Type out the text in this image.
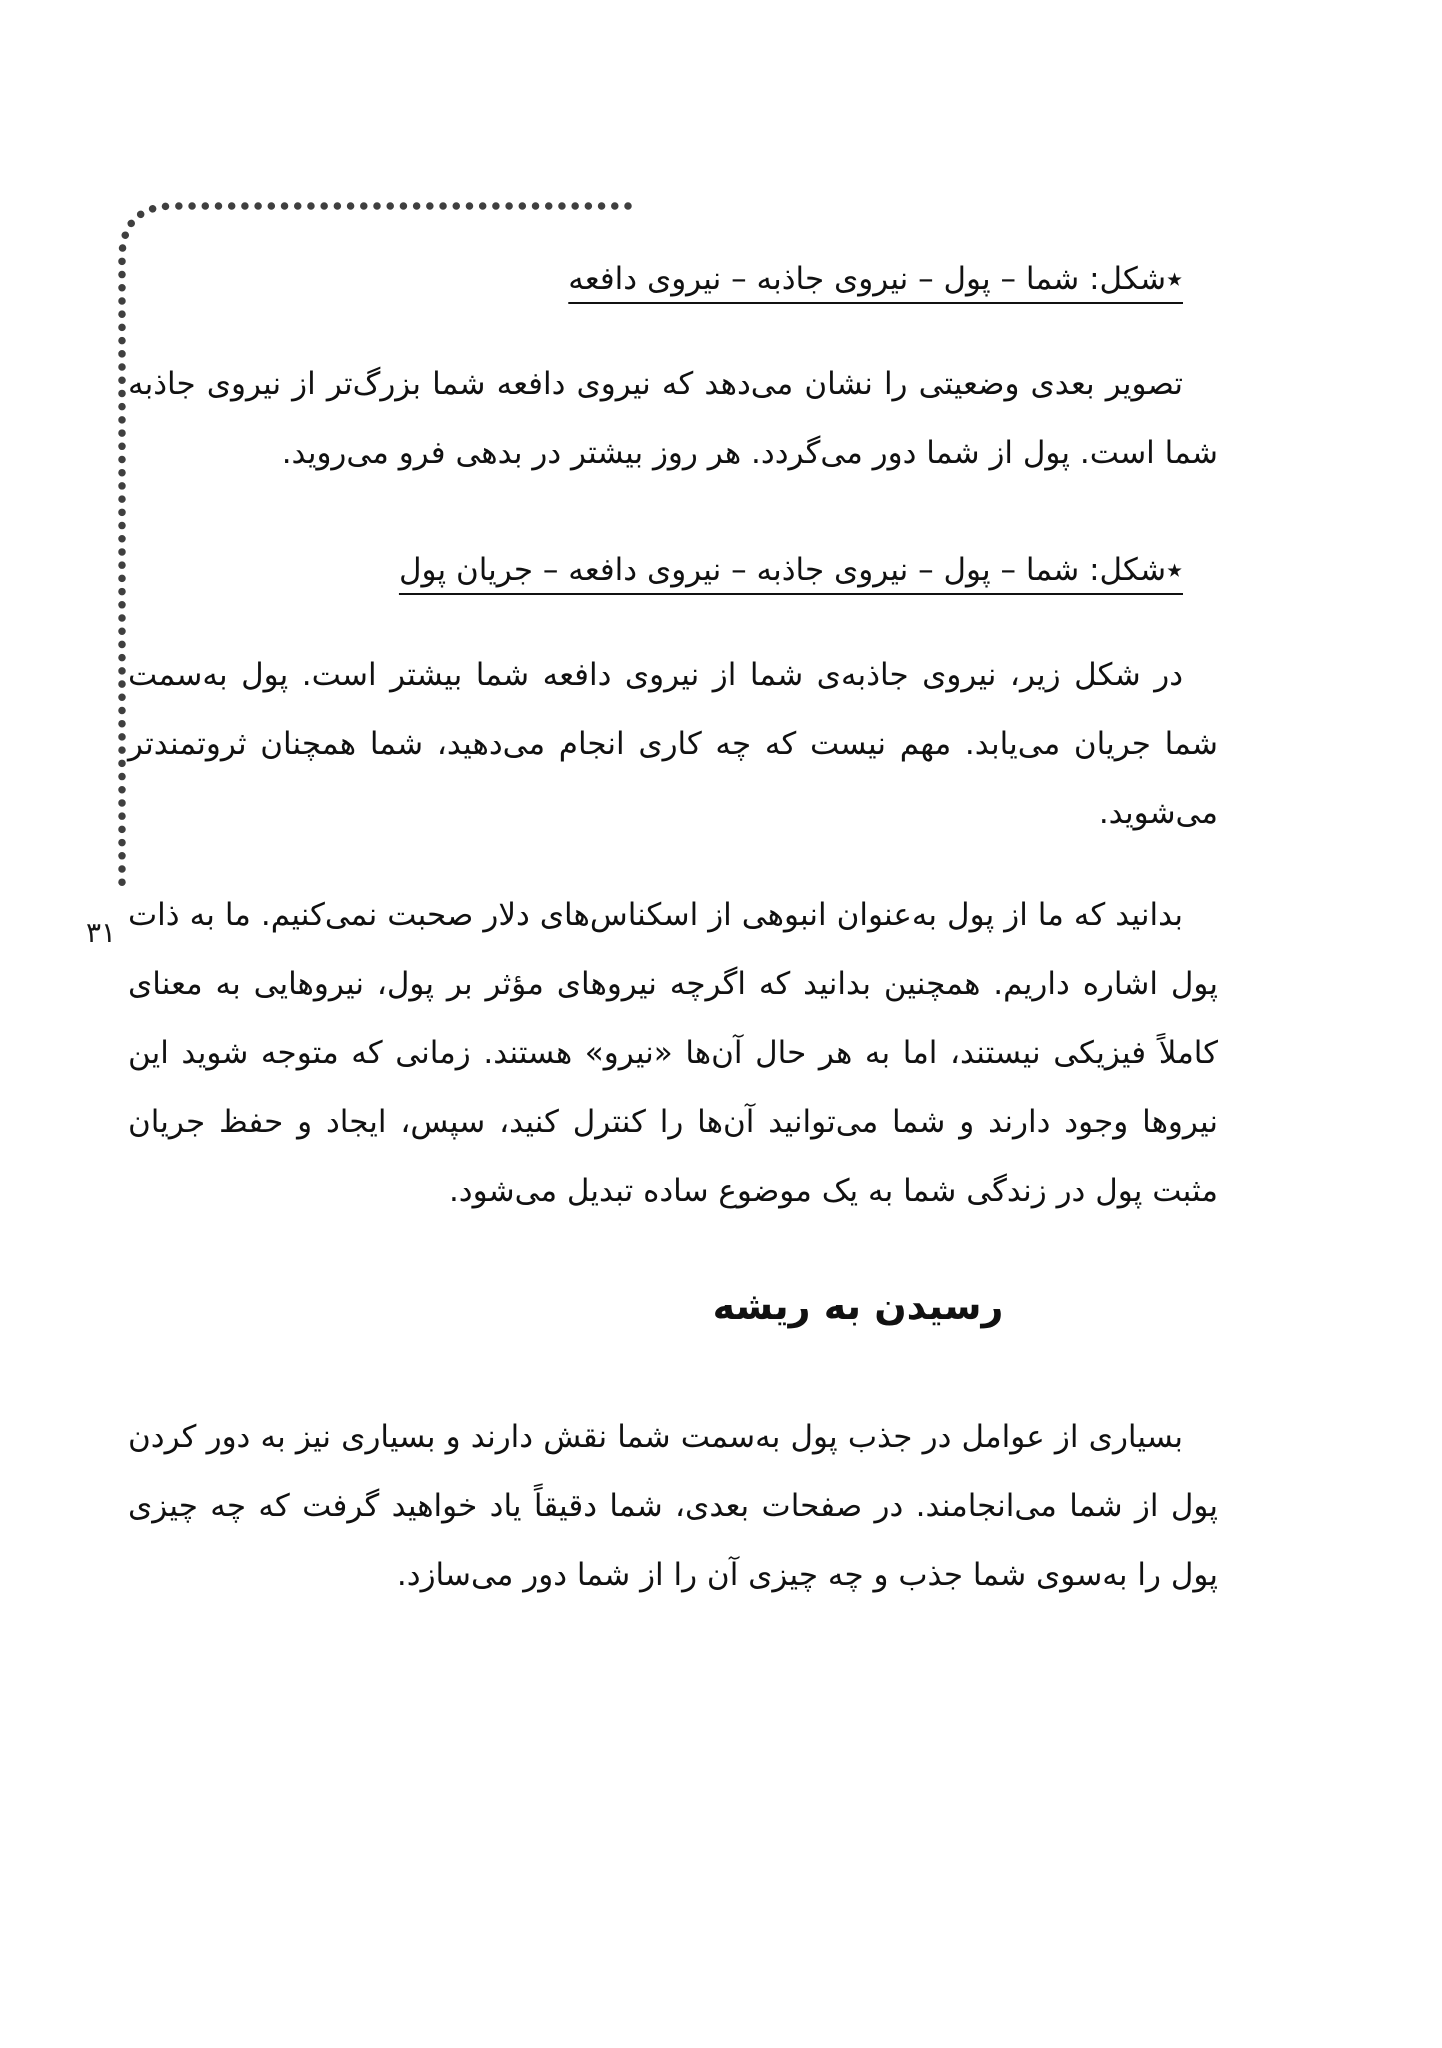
۳۱
٭شکل: شما – پول – نیروی جاذبه – نیروی دافعه

تصویر بعدی وضعیتی را نشان می‌دهد که نیروی دافعه شما بزرگ‌تر از نیروی جاذبه شما است. پول از شما دور می‌گردد. هر روز بیشتر در بدهی فرو می‌روید.

٭شکل: شما – پول – نیروی جاذبه – نیروی دافعه – جریان پول

در شکل زیر، نیروی جاذبه‌ی شما از نیروی دافعه شما بیشتر است. پول به‌سمت شما جریان می‌یابد. مهم نیست که چه کاری انجام می‌دهید، شما همچنان ثروتمندتر می‌شوید.

بدانید که ما از پول به‌عنوان انبوهی از اسکناس‌های دلار صحبت نمی‌کنیم. ما به ذات پول اشاره داریم. همچنین بدانید که اگرچه نیروهای مؤثر بر پول، نیروهایی به معنای کاملاً فیزیکی نیستند، اما به هر حال آن‌ها «نیرو» هستند. زمانی که متوجه شوید این نیروها وجود دارند و شما می‌توانید آن‌ها را کنترل کنید، سپس، ایجاد و حفظ جریان مثبت پول در زندگی شما به یک موضوع ساده تبدیل می‌شود.

رسیدن به ریشه

بسیاری از عوامل در جذب پول به‌سمت شما نقش دارند و بسیاری نیز به دور کردن پول از شما می‌انجامند. در صفحات بعدی، شما دقیقاً یاد خواهید گرفت که چه چیزی پول را به‌سوی شما جذب و چه چیزی آن را از شما دور می‌سازد.
